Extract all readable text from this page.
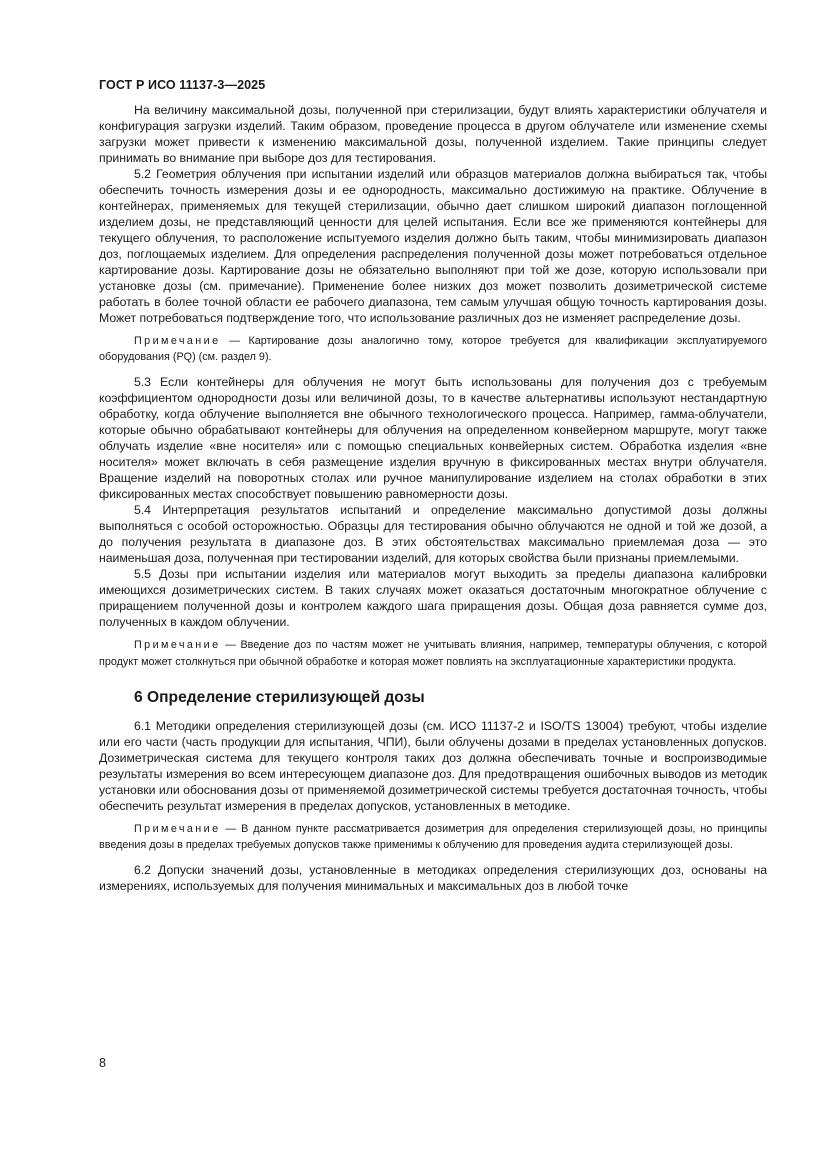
ГОСТ Р ИСО 11137-3—2025

На величину максимальной дозы, полученной при стерилизации, будут влиять характеристики облучателя и конфигурация загрузки изделий. Таким образом, проведение процесса в другом облучателе или изменение схемы загрузки может привести к изменению максимальной дозы, полученной изделием. Такие принципы следует принимать во внимание при выборе доз для тестирования.

5.2 Геометрия облучения при испытании изделий или образцов материалов должна выбираться так, чтобы обеспечить точность измерения дозы и ее однородность, максимально достижимую на практике. Облучение в контейнерах, применяемых для текущей стерилизации, обычно дает слишком широкий диапазон поглощенной изделием дозы, не представляющий ценности для целей испытания. Если все же применяются контейнеры для текущего облучения, то расположение испытуемого изделия должно быть таким, чтобы минимизировать диапазон доз, поглощаемых изделием. Для определения распределения полученной дозы может потребоваться отдельное картирование дозы. Картирование дозы не обязательно выполняют при той же дозе, которую использовали при установке дозы (см. примечание). Применение более низких доз может позволить дозиметрической системе работать в более точной области ее рабочего диапазона, тем самым улучшая общую точность картирования дозы. Может потребоваться подтверждение того, что использование различных доз не изменяет распределение дозы.

Примечание — Картирование дозы аналогично тому, которое требуется для квалификации эксплуатируемого оборудования (PQ) (см. раздел 9).

5.3 Если контейнеры для облучения не могут быть использованы для получения доз с требуемым коэффициентом однородности дозы или величиной дозы, то в качестве альтернативы используют нестандартную обработку, когда облучение выполняется вне обычного технологического процесса. Например, гамма-облучатели, которые обычно обрабатывают контейнеры для облучения на определенном конвейерном маршруте, могут также облучать изделие «вне носителя» или с помощью специальных конвейерных систем. Обработка изделия «вне носителя» может включать в себя размещение изделия вручную в фиксированных местах внутри облучателя. Вращение изделий на поворотных столах или ручное манипулирование изделием на столах обработки в этих фиксированных местах способствует повышению равномерности дозы.

5.4 Интерпретация результатов испытаний и определение максимально допустимой дозы должны выполняться с особой осторожностью. Образцы для тестирования обычно облучаются не одной и той же дозой, а до получения результата в диапазоне доз. В этих обстоятельствах максимально приемлемая доза — это наименьшая доза, полученная при тестировании изделий, для которых свойства были признаны приемлемыми.

5.5 Дозы при испытании изделия или материалов могут выходить за пределы диапазона калибровки имеющихся дозиметрических систем. В таких случаях может оказаться достаточным многократное облучение с приращением полученной дозы и контролем каждого шага приращения дозы. Общая доза равняется сумме доз, полученных в каждом облучении.

Примечание — Введение доз по частям может не учитывать влияния, например, температуры облучения, с которой продукт может столкнуться при обычной обработке и которая может повлиять на эксплуатационные характеристики продукта.

6 Определение стерилизующей дозы

6.1 Методики определения стерилизующей дозы (см. ИСО 11137-2 и ISO/TS 13004) требуют, чтобы изделие или его части (часть продукции для испытания, ЧПИ), были облучены дозами в пределах установленных допусков. Дозиметрическая система для текущего контроля таких доз должна обеспечивать точные и воспроизводимые результаты измерения во всем интересующем диапазоне доз. Для предотвращения ошибочных выводов из методик установки или обоснования дозы от применяемой дозиметрической системы требуется достаточная точность, чтобы обеспечить результат измерения в пределах допусков, установленных в методике.

Примечание — В данном пункте рассматривается дозиметрия для определения стерилизующей дозы, но принципы введения дозы в пределах требуемых допусков также применимы к облучению для проведения аудита стерилизующей дозы.

6.2 Допуски значений дозы, установленные в методиках определения стерилизующих доз, основаны на измерениях, используемых для получения минимальных и максимальных доз в любой точке

8
